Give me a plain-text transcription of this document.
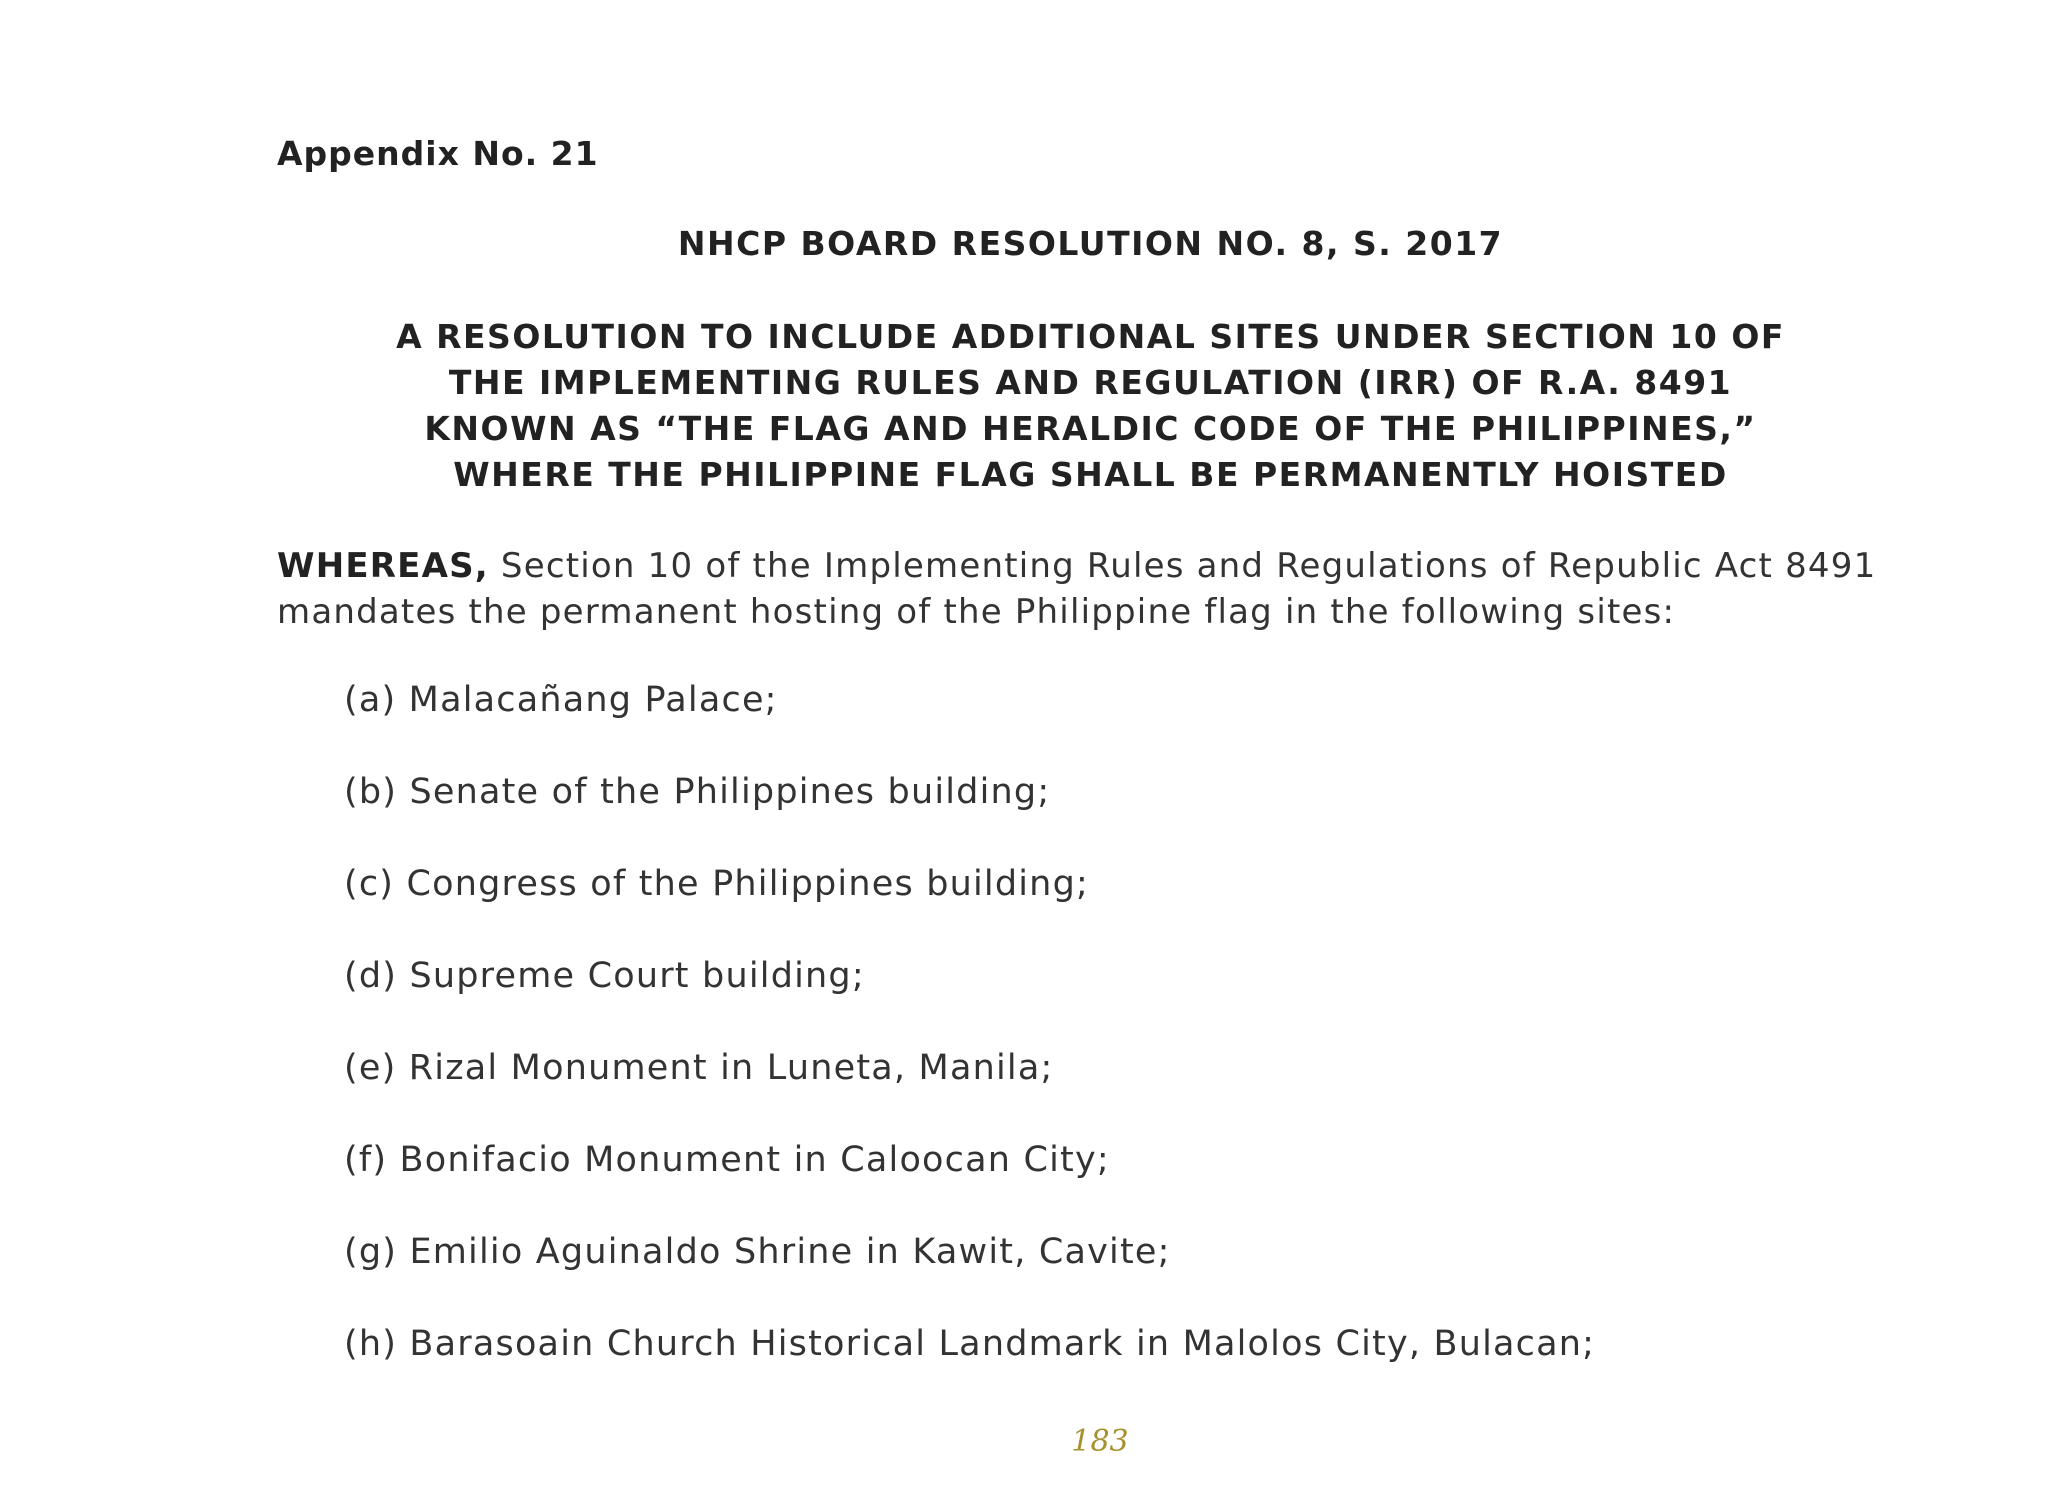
Appendix No. 21
NHCP BOARD RESOLUTION NO. 8, S. 2017
A RESOLUTION TO INCLUDE ADDITIONAL SITES UNDER SECTION 10 OF
THE IMPLEMENTING RULES AND REGULATION (IRR) OF R.A. 8491
KNOWN AS “THE FLAG AND HERALDIC CODE OF THE PHILIPPINES,”
WHERE THE PHILIPPINE FLAG SHALL BE PERMANENTLY HOISTED
WHEREAS, Section 10 of the Implementing Rules and Regulations of Republic Act 8491 mandates the permanent hosting of the Philippine flag in the following sites:
(a) Malacañang Palace;
(b) Senate of the Philippines building;
(c) Congress of the Philippines building;
(d) Supreme Court building;
(e) Rizal Monument in Luneta, Manila;
(f) Bonifacio Monument in Caloocan City;
(g) Emilio Aguinaldo Shrine in Kawit, Cavite;
(h) Barasoain Church Historical Landmark in Malolos City, Bulacan;
183
